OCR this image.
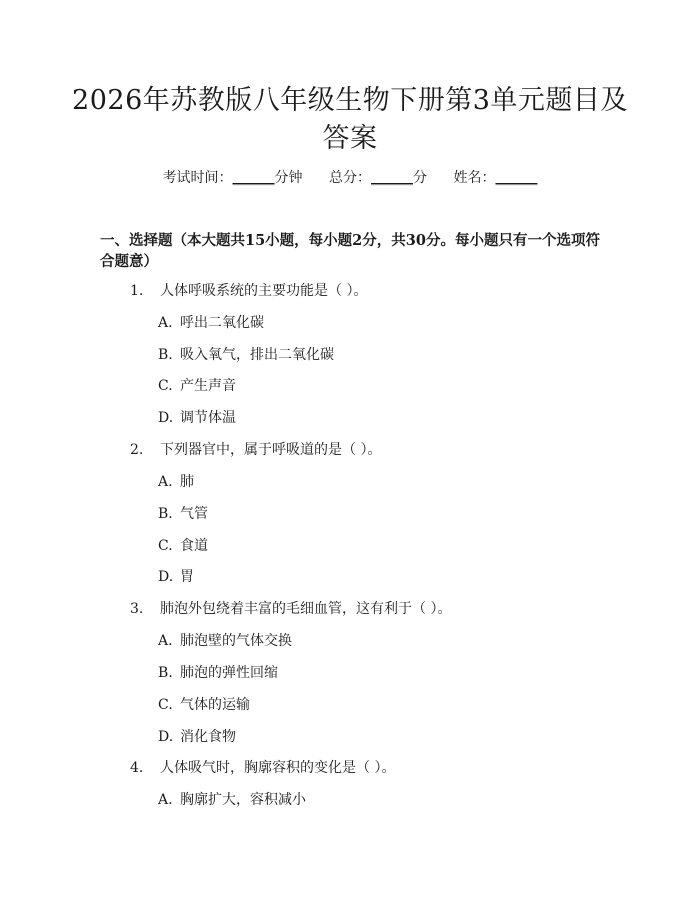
2026年苏教版八年级生物下册第3单元题目及答案
考试时间：______分钟 总分：______分 姓名：______
一、选择题（本大题共15小题，每小题2分，共30分。每小题只有一个选项符合题意）
1. 人体呼吸系统的主要功能是（ ）。
A. 呼出二氧化碳
B. 吸入氧气，排出二氧化碳
C. 产生声音
D. 调节体温
2. 下列器官中，属于呼吸道的是（ ）。
A. 肺
B. 气管
C. 食道
D. 胃
3. 肺泡外包绕着丰富的毛细血管，这有利于（ ）。
A. 肺泡壁的气体交换
B. 肺泡的弹性回缩
C. 气体的运输
D. 消化食物
4. 人体吸气时，胸廓容积的变化是（ ）。
A. 胸廓扩大，容积减小
